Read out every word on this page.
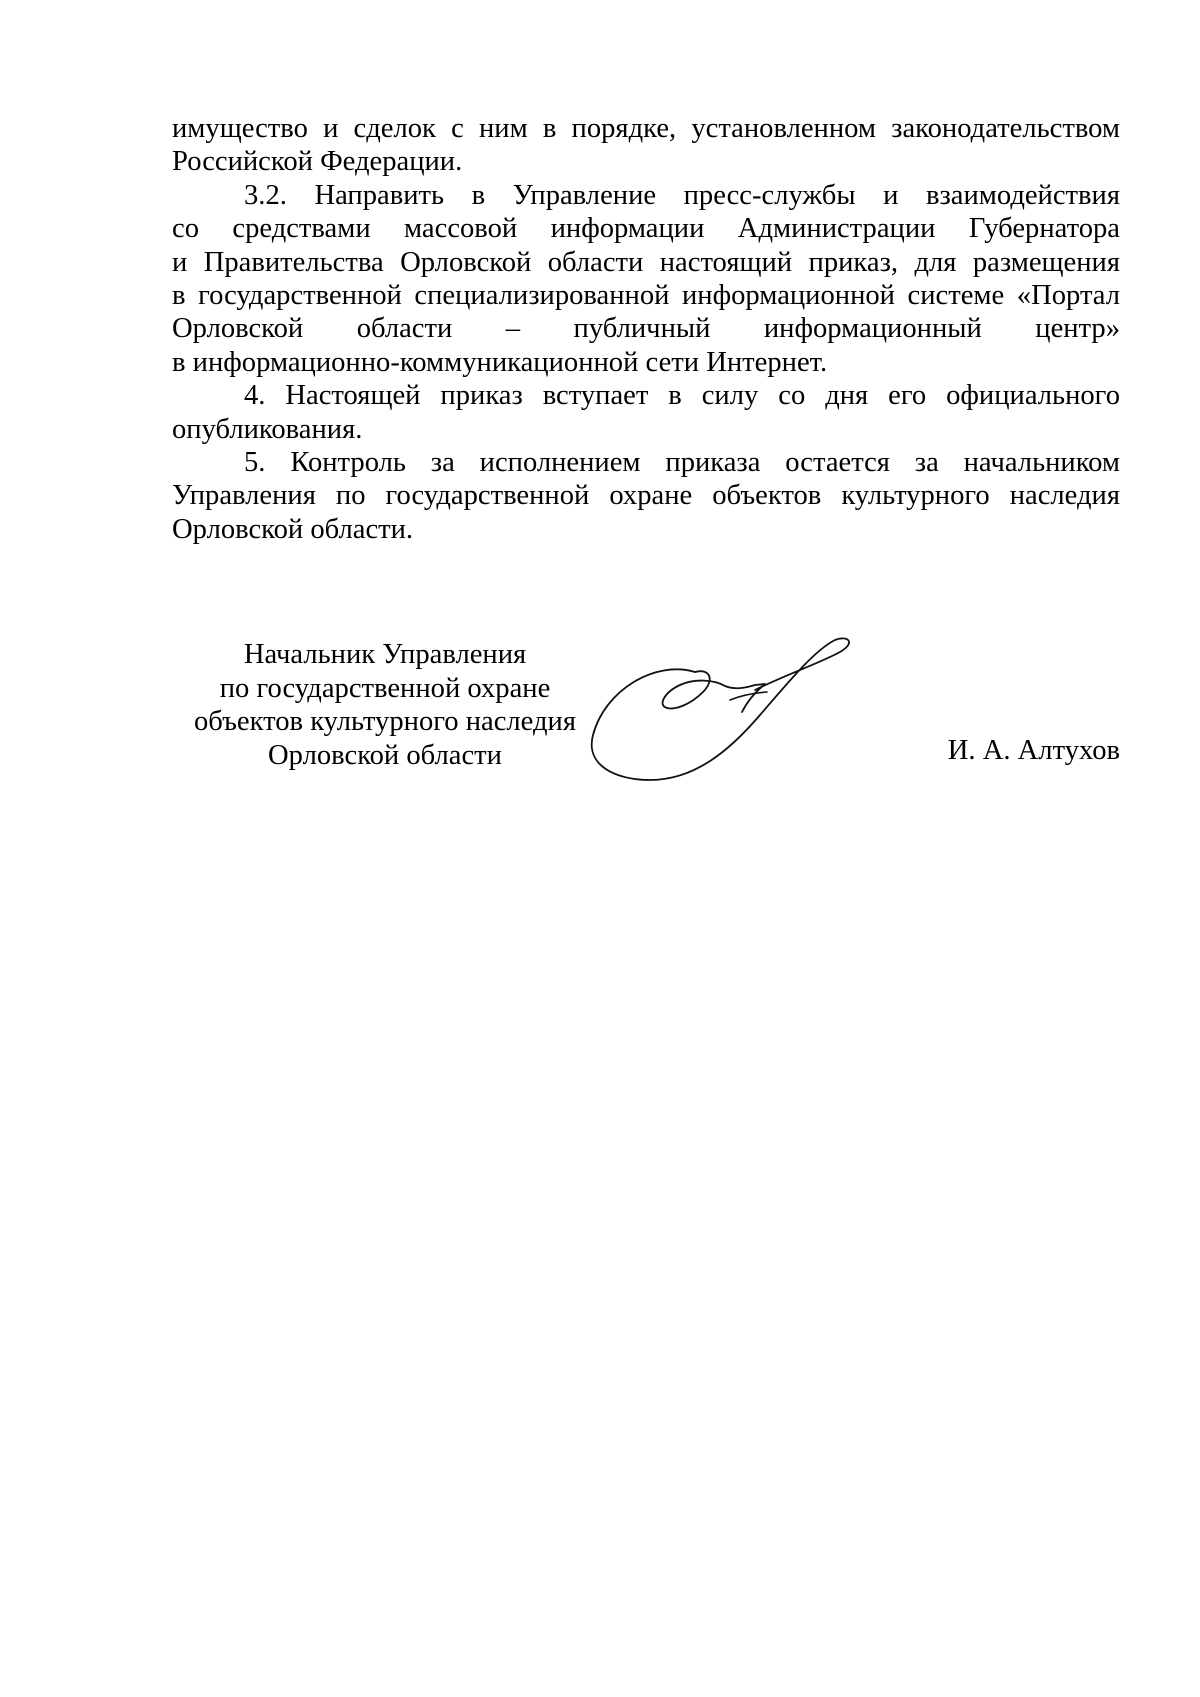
имущество и сделок с ним в порядке, установленном законодательством
Российской Федерации.

3.2. Направить в Управление пресс-службы и взаимодействия
со средствами массовой информации Администрации Губернатора
и Правительства Орловской области настоящий приказ, для размещения
в государственной специализированной информационной системе «Портал
Орловской области – публичный информационный центр»
в информационно-коммуникационной сети Интернет.

4. Настоящей приказ вступает в силу со дня его официального
опубликования.

5. Контроль за исполнением приказа остается за начальником
Управления по государственной охране объектов культурного наследия
Орловской области.

Начальник Управления
по государственной охране
объектов культурного наследия
Орловской области	И. А. Алтухов
